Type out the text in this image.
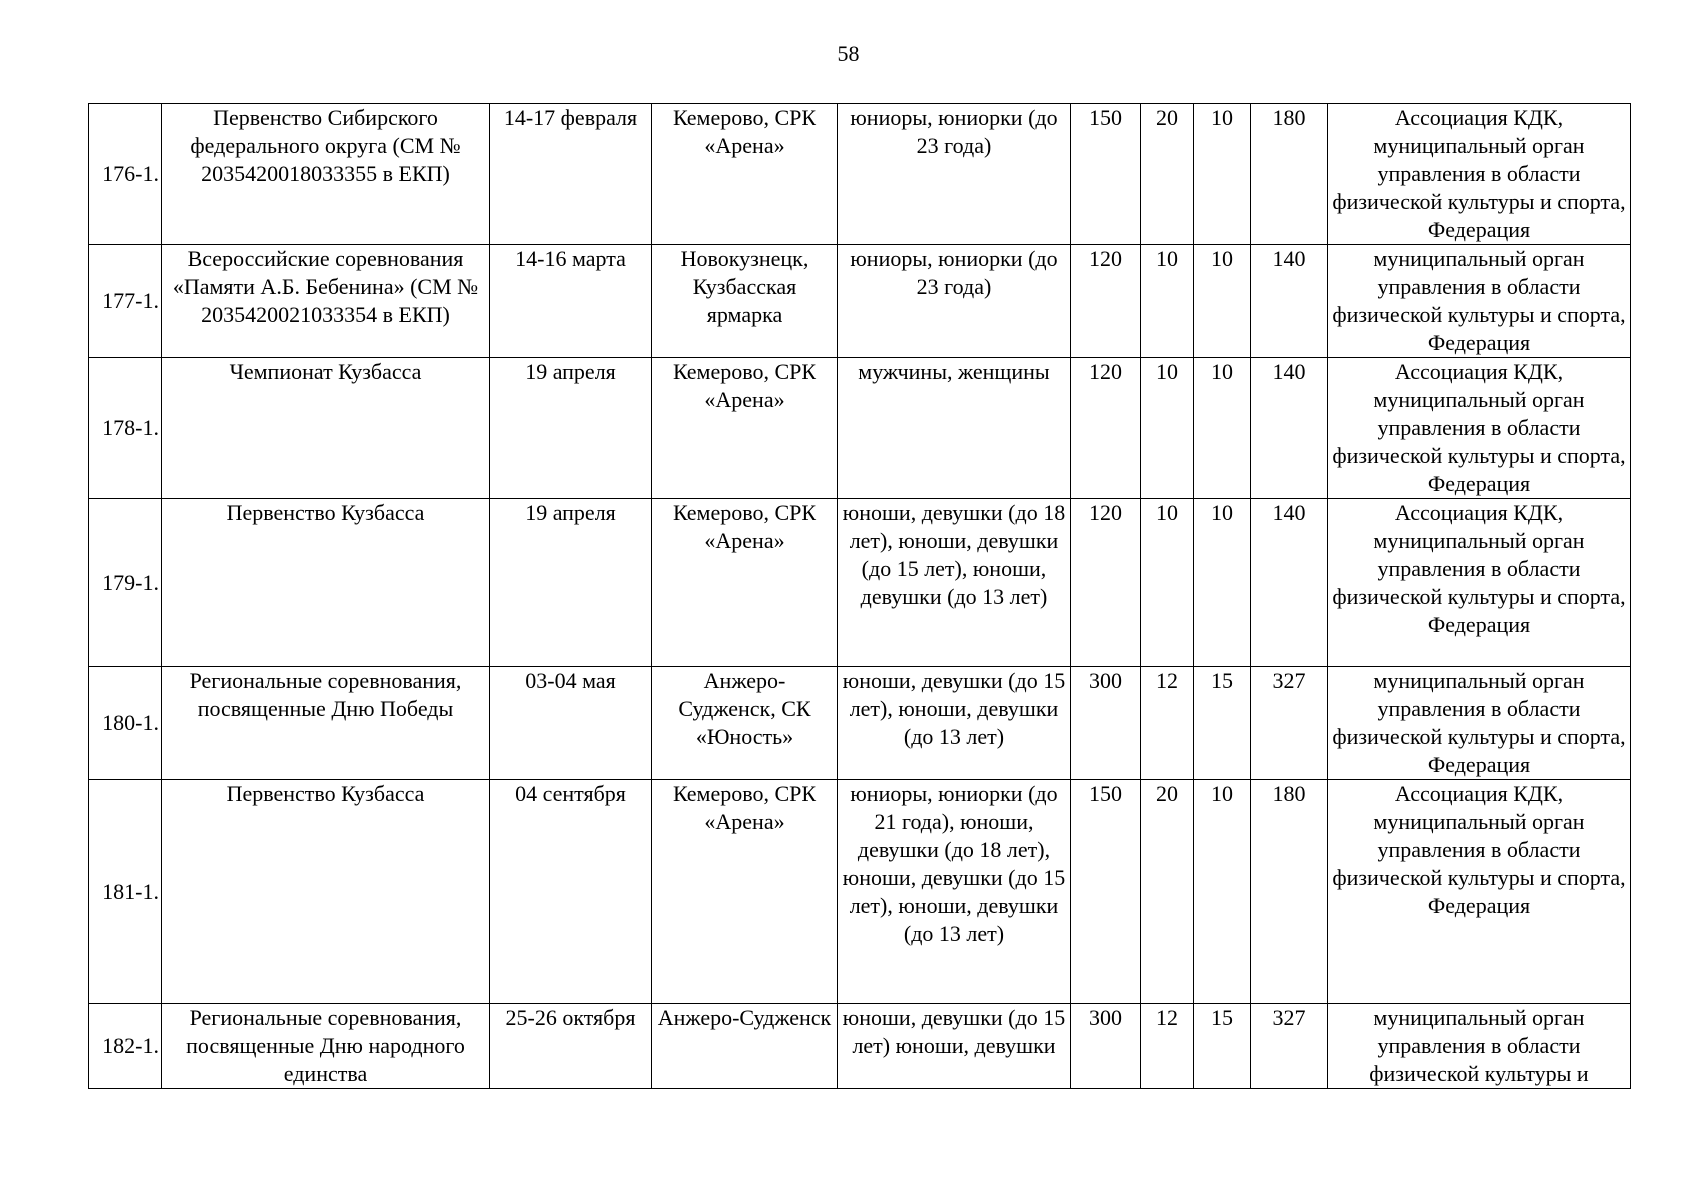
58
176-1.	Первенство Сибирского федерального округа (СМ № 2035420018033355 в ЕКП)	14-17 февраля	Кемерово, СРК «Арена»	юниоры, юниорки (до 23 года)	150	20	10	180	Ассоциация КДК, муниципальный орган управления в области физической культуры и спорта, Федерация
177-1.	Всероссийские соревнования «Памяти А.Б. Бебенина» (СМ № 2035420021033354 в ЕКП)	14-16 марта	Новокузнецк, Кузбасская ярмарка	юниоры, юниорки (до 23 года)	120	10	10	140	муниципальный орган управления в области физической культуры и спорта, Федерация
178-1.	Чемпионат Кузбасса	19 апреля	Кемерово, СРК «Арена»	мужчины, женщины	120	10	10	140	Ассоциация КДК, муниципальный орган управления в области физической культуры и спорта, Федерация
179-1.	Первенство Кузбасса	19 апреля	Кемерово, СРК «Арена»	юноши, девушки (до 18 лет), юноши, девушки (до 15 лет), юноши, девушки (до 13 лет)	120	10	10	140	Ассоциация КДК, муниципальный орган управления в области физической культуры и спорта, Федерация
180-1.	Региональные соревнования, посвященные Дню Победы	03-04 мая	Анжеро-Судженск, СК «Юность»	юноши, девушки (до 15 лет), юноши, девушки (до 13 лет)	300	12	15	327	муниципальный орган управления в области физической культуры и спорта, Федерация
181-1.	Первенство Кузбасса	04 сентября	Кемерово, СРК «Арена»	юниоры, юниорки (до 21 года), юноши, девушки (до 18 лет), юноши, девушки (до 15 лет), юноши, девушки (до 13 лет)	150	20	10	180	Ассоциация КДК, муниципальный орган управления в области физической культуры и спорта, Федерация
182-1.	Региональные соревнования, посвященные Дню народного единства	25-26 октября	Анжеро-Судженск	юноши, девушки (до 15 лет) юноши, девушки	300	12	15	327	муниципальный орган управления в области физической культуры и
